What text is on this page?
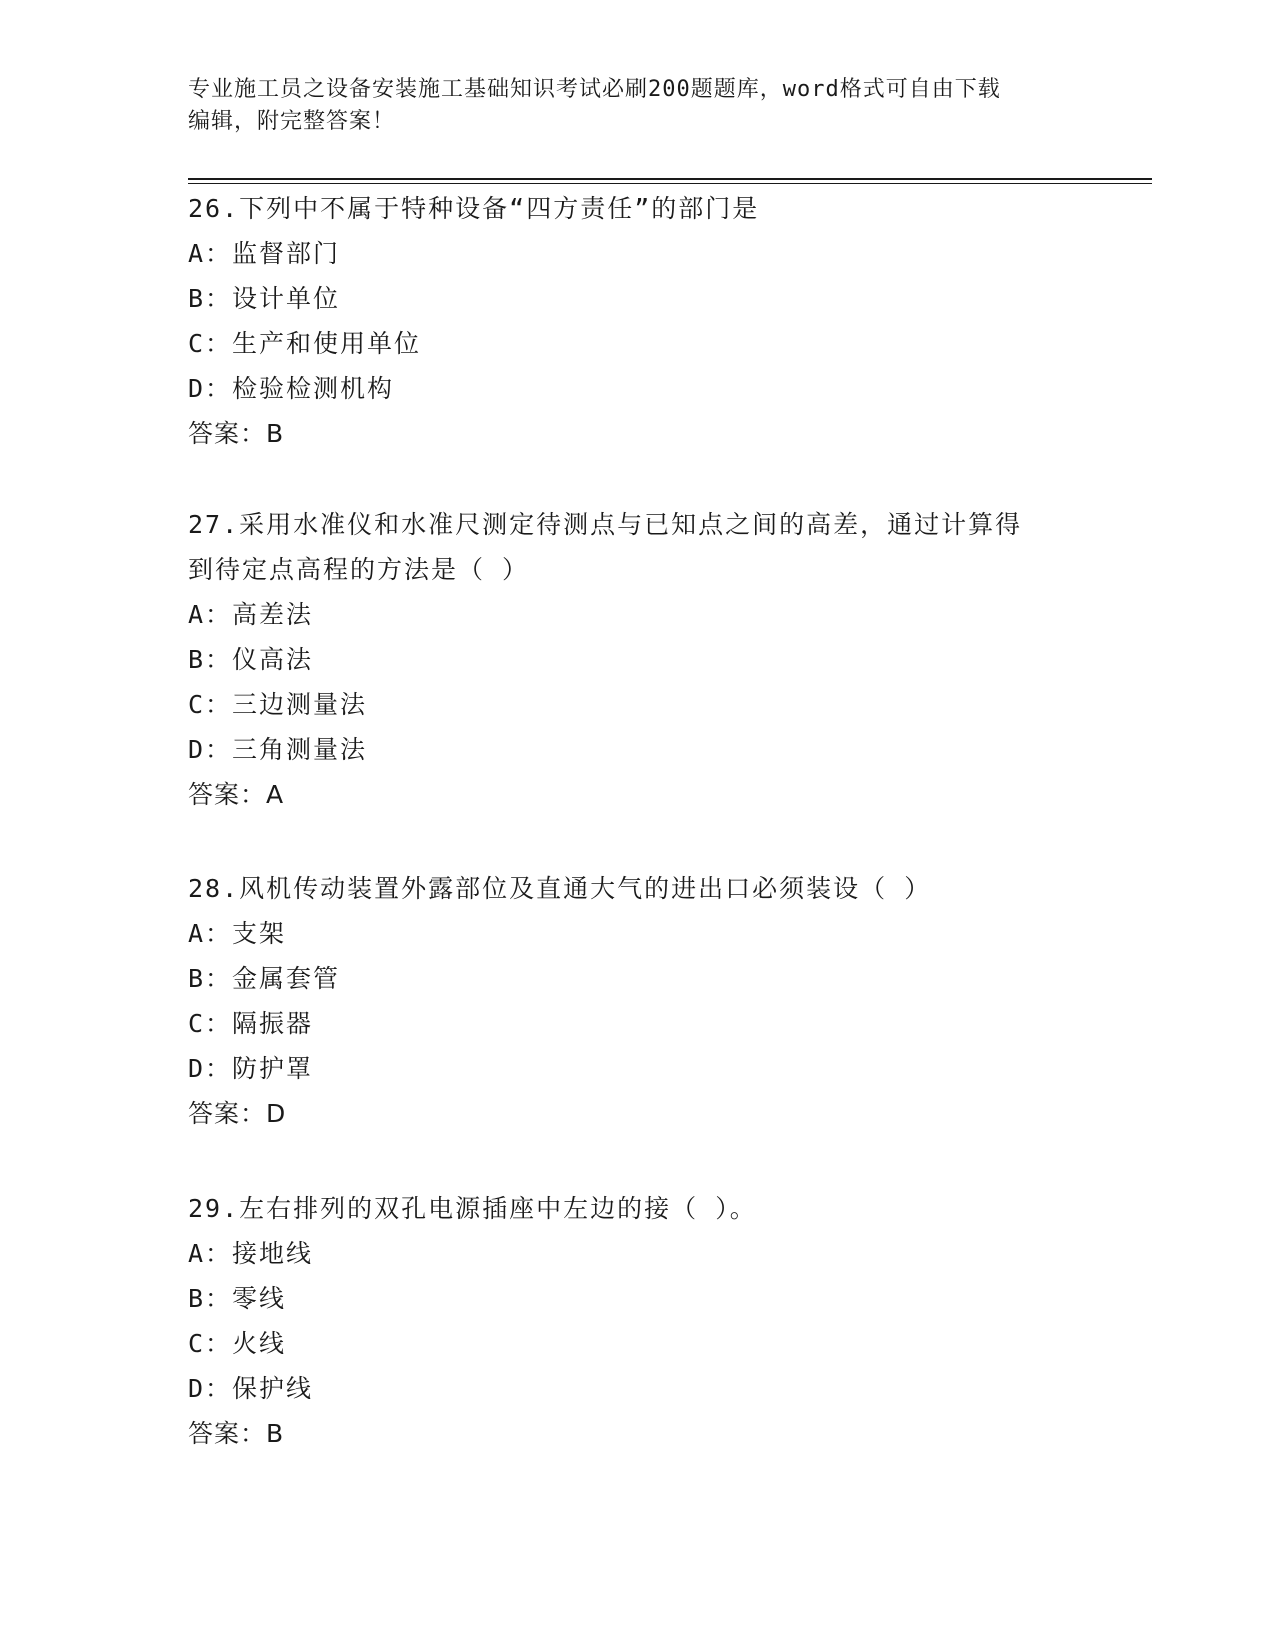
专业施工员之设备安装施工基础知识考试必刷200题题库，word格式可自由下载
编辑，附完整答案！
26.下列中不属于特种设备“四方责任”的部门是
A：监督部门
B：设计单位
C：生产和使用单位
D：检验检测机构
答案：B
27.采用水准仪和水准尺测定待测点与已知点之间的高差，通过计算得
到待定点高程的方法是（ ）
A：高差法
B：仪高法
C：三边测量法
D：三角测量法
答案：A
28.风机传动装置外露部位及直通大气的进出口必须装设（ ）
A：支架
B：金属套管
C：隔振器
D：防护罩
答案：D
29.左右排列的双孔电源插座中左边的接（ ）。
A：接地线
B：零线
C：火线
D：保护线
答案：B
